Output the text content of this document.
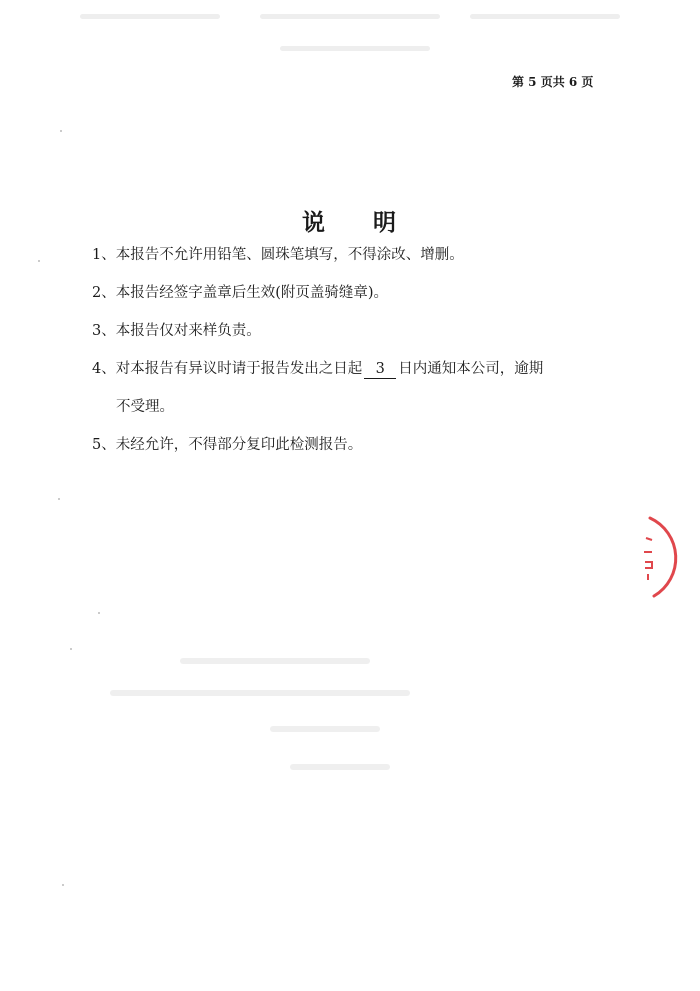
第 5 页共 6 页
说 明
1、本报告不允许用铅笔、圆珠笔填写，不得涂改、增删。
2、本报告经签字盖章后生效(附页盖骑缝章)。
3、本报告仅对来样负责。
4、对本报告有异议时请于报告发出之日起 3 日内通知本公司，逾期
不受理。
5、未经允许，不得部分复印此检测报告。
